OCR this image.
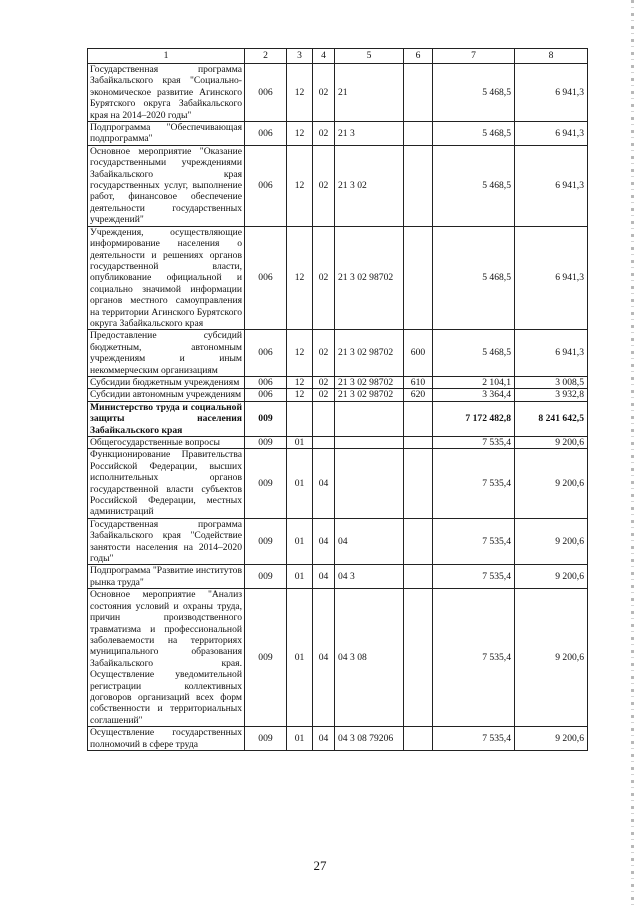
1	2	3	4	5	6	7	8
Государственная программа Забайкальского края "Социально-экономическое развитие Агинского Бурятского округа Забайкальского края на 2014–2020 годы"	006	12	02	21		5 468,5	6 941,3
Подпрограмма "Обеспечивающая подпрограмма"	006	12	02	21 3		5 468,5	6 941,3
Основное мероприятие "Оказание государственными учреждениями Забайкальского края государственных услуг, выполнение работ, финансовое обеспечение деятельности государственных учреждений"	006	12	02	21 3 02		5 468,5	6 941,3
Учреждения, осуществляющие информирование населения о деятельности и решениях органов государственной власти, опубликование официальной и социально значимой информации органов местного самоуправления на территории Агинского Бурятского округа Забайкальского края	006	12	02	21 3 02 98702		5 468,5	6 941,3
Предоставление субсидий бюджетным, автономным учреждениям и иным некоммерческим организациям	006	12	02	21 3 02 98702	600	5 468,5	6 941,3
Субсидии бюджетным учреждениям	006	12	02	21 3 02 98702	610	2 104,1	3 008,5
Субсидии автономным учреждениям	006	12	02	21 3 02 98702	620	3 364,4	3 932,8
Министерство труда и социальной защиты населения Забайкальского края	009					7 172 482,8	8 241 642,5
Общегосударственные вопросы	009	01				7 535,4	9 200,6
Функционирование Правительства Российской Федерации, высших исполнительных органов государственной власти субъектов Российской Федерации, местных администраций	009	01	04			7 535,4	9 200,6
Государственная программа Забайкальского края "Содействие занятости населения на 2014–2020 годы"	009	01	04	04		7 535,4	9 200,6
Подпрограмма "Развитие институтов рынка труда"	009	01	04	04 3		7 535,4	9 200,6
Основное мероприятие "Анализ состояния условий и охраны труда, причин производственного травматизма и профессиональной заболеваемости на территориях муниципального образования Забайкальского края. Осуществление уведомительной регистрации коллективных договоров организаций всех форм собственности и территориальных соглашений"	009	01	04	04 3 08		7 535,4	9 200,6
Осуществление государственных полномочий в сфере труда	009	01	04	04 3 08 79206		7 535,4	9 200,6
27
